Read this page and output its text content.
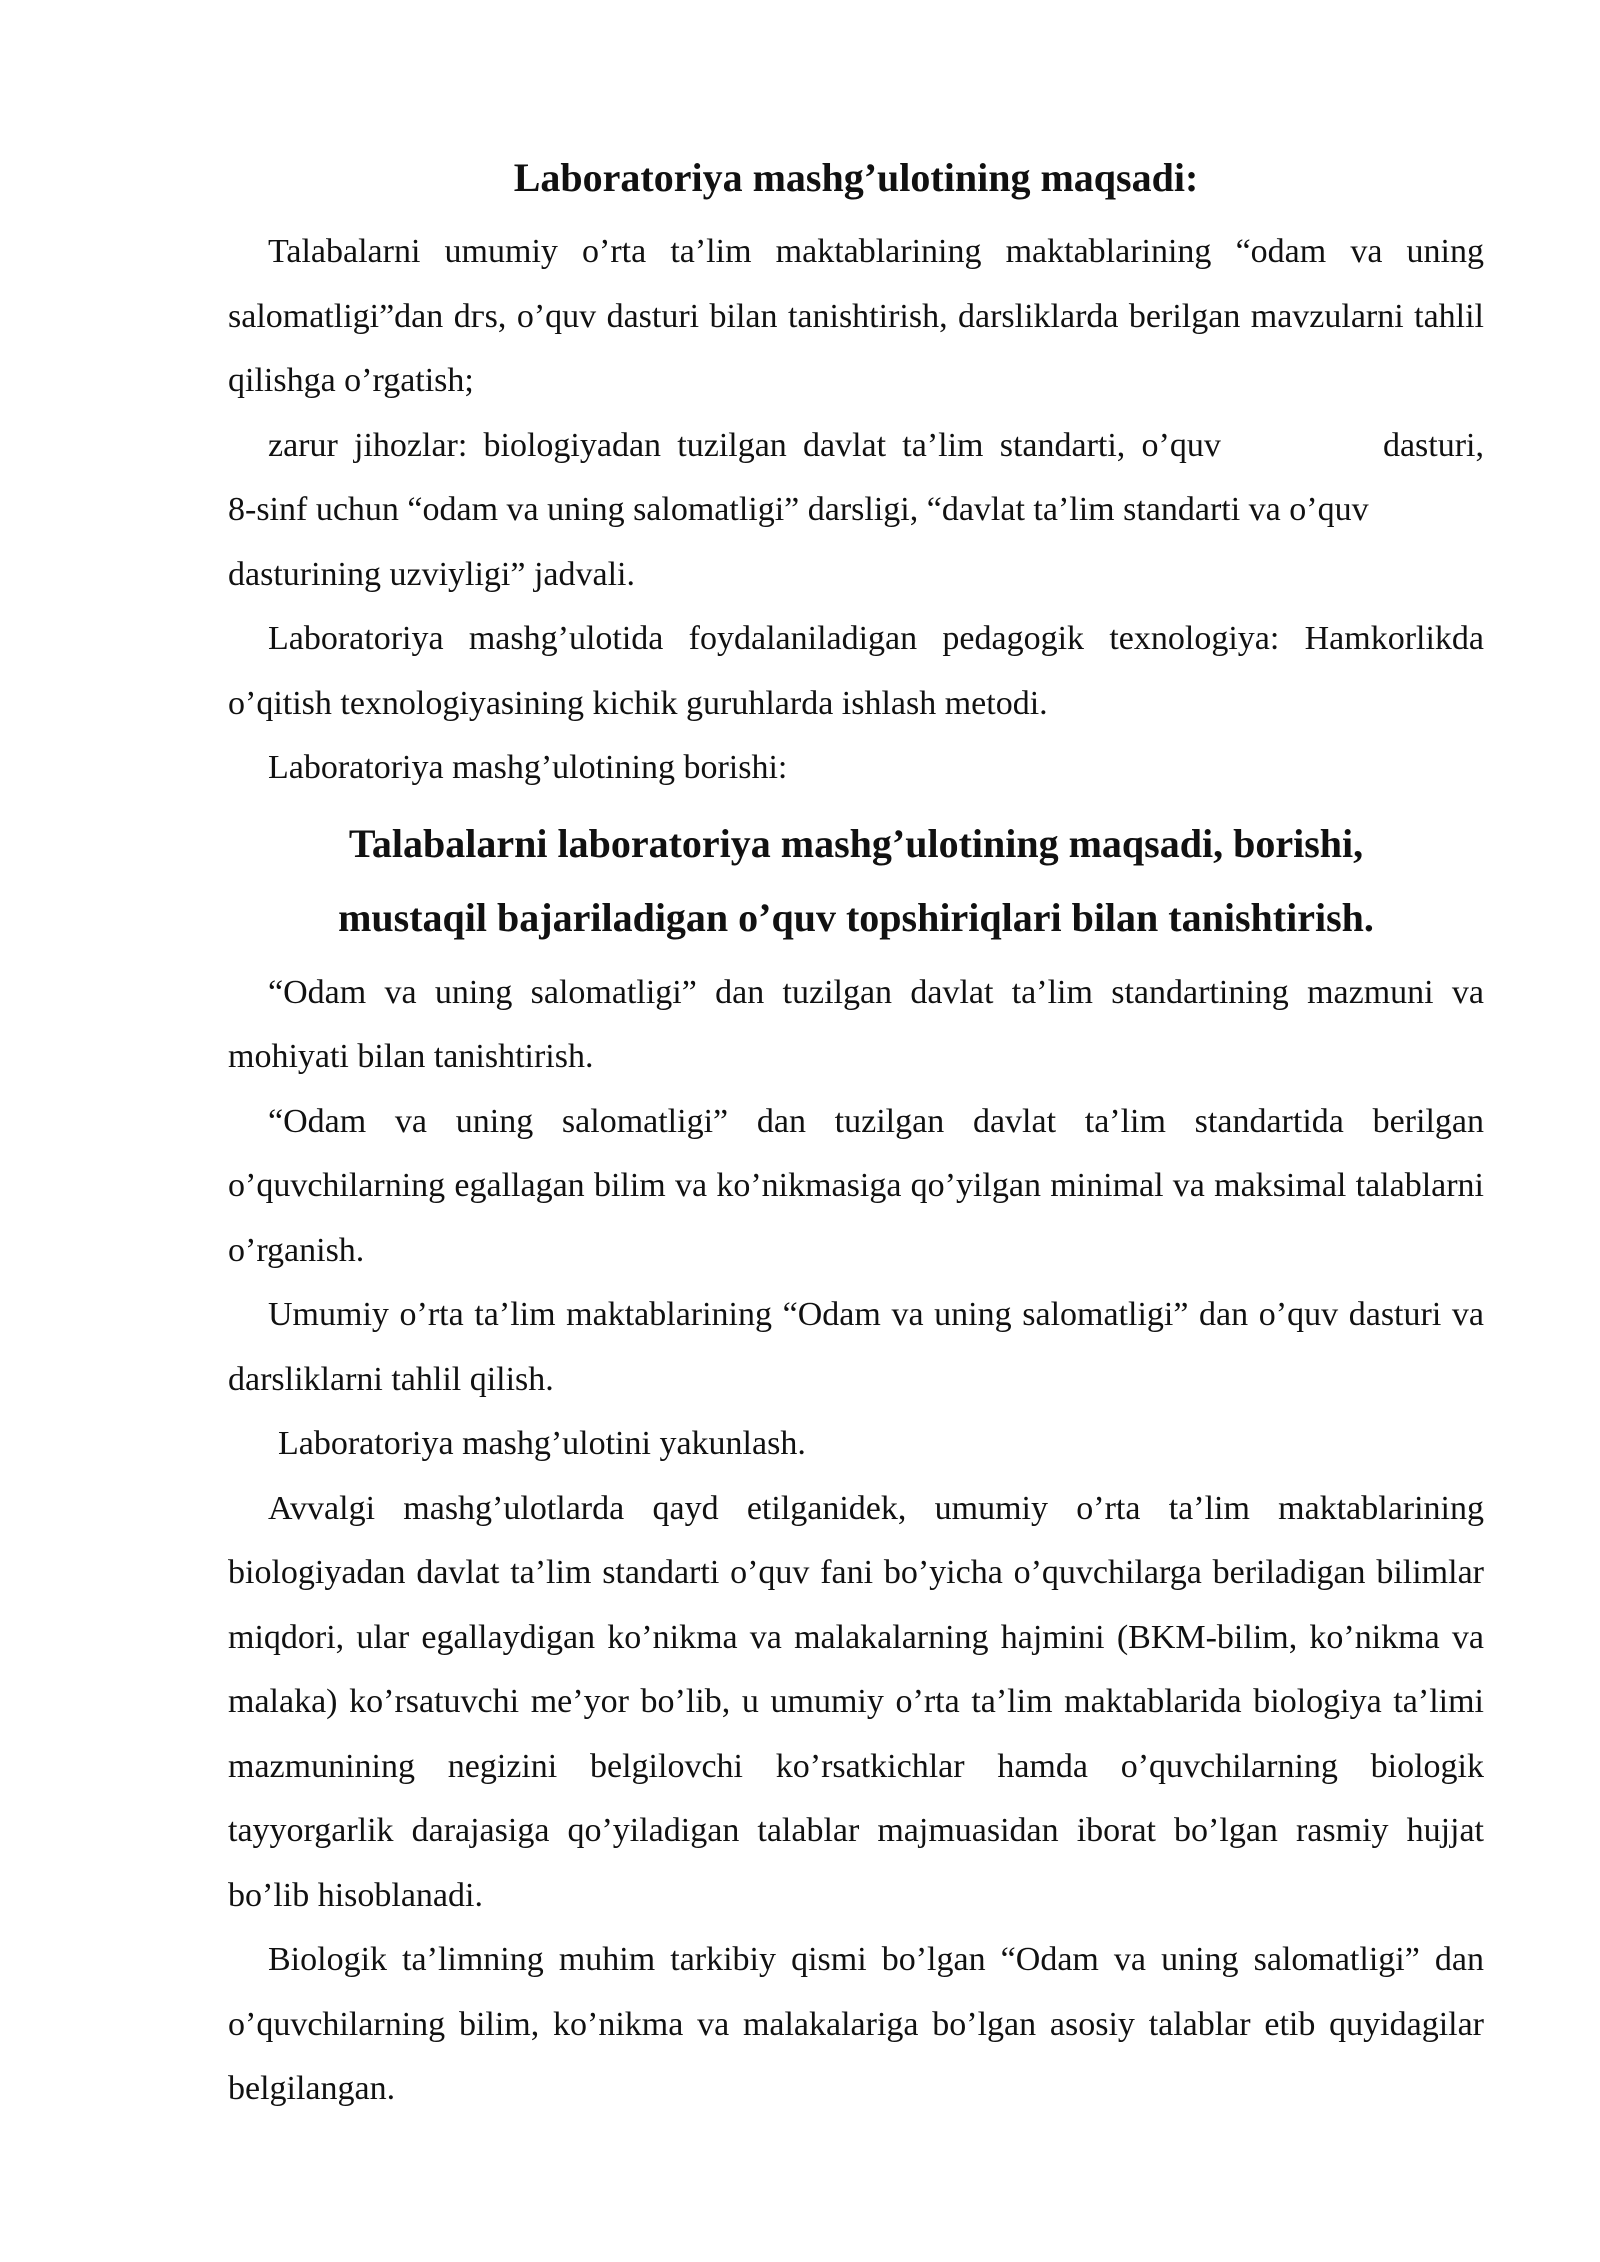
Laboratoriya mashg’ulotining maqsadi:

Talabalarni umumiy o’rta ta’lim maktablarining maktablarining “odam va uning salomatligi”dan dгs, o’quv dasturi bilan tanishtirish, darsliklarda berilgan mavzularni tahlil qilishga o’rgatish;

zarur jihozlar: biologiyadan tuzilgan davlat ta’lim standarti, o’quv          dasturi,
8-sinf uchun “odam va uning salomatligi” darsligi, “davlat ta’lim standarti va o’quv
dasturining uzviyligi” jadvali.

Laboratoriya mashg’ulotida foydalaniladigan pedagogik texnologiya: Hamkorlikda o’qitish texnologiyasining kichik guruhlarda ishlash metodi.

Laboratoriya mashg’ulotining borishi:

Talabalarni laboratoriya mashg’ulotining maqsadi, borishi,
mustaqil bajariladigan o’quv topshiriqlari bilan tanishtirish.

“Odam va uning salomatligi” dan tuzilgan davlat ta’lim standartining mazmuni va mohiyati bilan tanishtirish.

“Odam va uning salomatligi” dan tuzilgan davlat ta’lim standartida berilgan o’quvchilarning egallagan bilim va ko’nikmasiga qo’yilgan minimal va maksimal talablarni o’rganish.

Umumiy o’rta ta’lim maktablarining “Odam va uning salomatligi” dan o’quv dasturi va darsliklarni tahlil qilish.

Laboratoriya mashg’ulotini yakunlash.

Avvalgi mashg’ulotlarda qayd etilganidek, umumiy o’rta ta’lim maktablarining biologiyadan davlat ta’lim standarti o’quv fani bo’yicha o’quvchilarga beriladigan bilimlar miqdori, ular egallaydigan ko’nikma va malakalarning hajmini (BKM-bilim, ko’nikma va malaka) ko’rsatuvchi me’yor bo’lib, u umumiy o’rta ta’lim maktablarida biologiya ta’limi mazmunining negizini belgilovchi ko’rsatkichlar hamda o’quvchilarning biologik tayyorgarlik darajasiga qo’yiladigan talablar majmuasidan iborat bo’lgan rasmiy hujjat bo’lib hisoblanadi.

Biologik ta’limning muhim tarkibiy qismi bo’lgan “Odam va uning salomatligi” dan o’quvchilarning bilim, ko’nikma va malakalariga bo’lgan asosiy talablar etib quyidagilar belgilangan.
